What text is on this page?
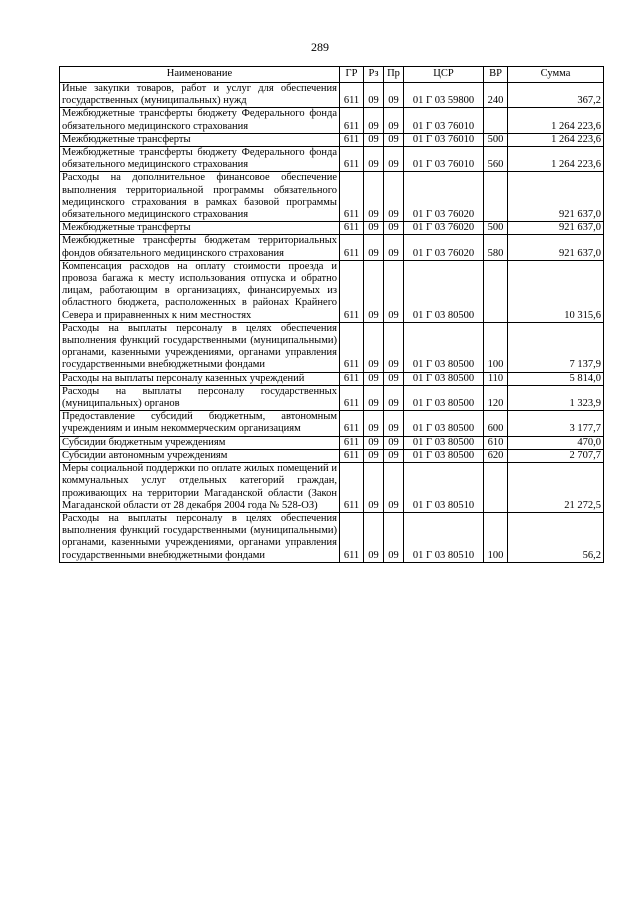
289
Наименование	ГР	Рз	Пр	ЦСР	ВР	Сумма

Иные закупки товаров, работ и услуг для обеспечения государственных (муниципальных) нужд	611	09	09	01 Г 03 59800	240	367,2

Межбюджетные трансферты бюджету Федерального фонда обязательного медицинского страхования	611	09	09	01 Г 03 76010		1 264 223,6

Межбюджетные трансферты	611	09	09	01 Г 03 76010	500	1 264 223,6

Межбюджетные трансферты бюджету Федерального фонда обязательного медицинского страхования	611	09	09	01 Г 03 76010	560	1 264 223,6

Расходы на дополнительное финансовое обеспечение выполнения территориальной программы обязательного медицинского страхования в рамках базовой программы обязательного медицинского страхования	611	09	09	01 Г 03 76020		921 637,0

Межбюджетные трансферты	611	09	09	01 Г 03 76020	500	921 637,0

Межбюджетные трансферты бюджетам территориальных фондов обязательного медицинского страхования	611	09	09	01 Г 03 76020	580	921 637,0

Компенсация расходов на оплату стоимости проезда и провоза багажа к месту использования отпуска и обратно лицам, работающим в организациях, финансируемых из областного бюджета, расположенных в районах Крайнего Севера и приравненных к ним местностях	611	09	09	01 Г 03 80500		10 315,6

Расходы на выплаты персоналу в целях обеспечения выполнения функций государственными (муниципальными) органами, казенными учреждениями, органами управления государственными внебюджетными фондами	611	09	09	01 Г 03 80500	100	7 137,9

Расходы на выплаты персоналу казенных учреждений	611	09	09	01 Г 03 80500	110	5 814,0

Расходы на выплаты персоналу государственных (муниципальных) органов	611	09	09	01 Г 03 80500	120	1 323,9

Предоставление субсидий бюджетным, автономным учреждениям и иным некоммерческим организациям	611	09	09	01 Г 03 80500	600	3 177,7

Субсидии бюджетным учреждениям	611	09	09	01 Г 03 80500	610	470,0

Субсидии автономным учреждениям	611	09	09	01 Г 03 80500	620	2 707,7

Меры социальной поддержки по оплате жилых помещений и коммунальных услуг отдельных категорий граждан, проживающих на территории Магаданской области (Закон Магаданской области от 28 декабря 2004 года № 528-ОЗ)	611	09	09	01 Г 03 80510		21 272,5

Расходы на выплаты персоналу в целях обеспечения выполнения функций государственными (муниципальными) органами, казенными учреждениями, органами управления государственными внебюджетными фондами	611	09	09	01 Г 03 80510	100	56,2
